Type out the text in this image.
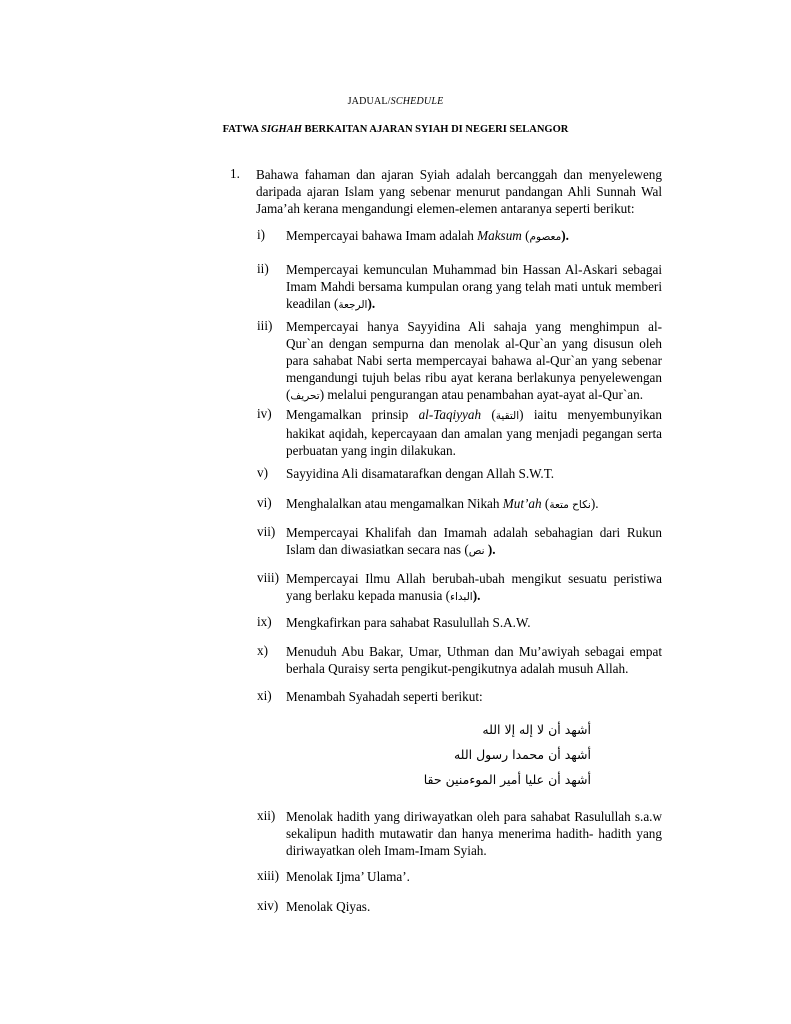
JADUAL/SCHEDULE
FATWA SIGHAH BERKAITAN AJARAN SYIAH DI NEGERI SELANGOR
1. Bahawa fahaman dan ajaran Syiah adalah bercanggah dan menyeleweng daripada ajaran Islam yang sebenar menurut pandangan Ahli Sunnah Wal Jama’ah kerana mengandungi elemen-elemen antaranya seperti berikut:
i) Mempercayai bahawa Imam adalah Maksum (معصوم).
ii) Mempercayai kemunculan Muhammad bin Hassan Al-Askari sebagai Imam Mahdi bersama kumpulan orang yang telah mati untuk memberi keadilan (الرجعة).
iii) Mempercayai hanya Sayyidina Ali sahaja yang menghimpun al- Qur`an dengan sempurna dan menolak al-Qur`an yang disusun oleh para sahabat Nabi serta mempercayai bahawa al-Qur`an yang sebenar mengandungi tujuh belas ribu ayat kerana berlakunya penyelewengan (تحريف) melalui pengurangan atau penambahan ayat-ayat al-Qur`an.
iv) Mengamalkan prinsip al-Taqiyyah (التقية) iaitu menyembunyikan hakikat aqidah, kepercayaan dan amalan yang menjadi pegangan serta perbuatan yang ingin dilakukan.
v) Sayyidina Ali disamatarafkan dengan Allah S.W.T.
vi) Menghalalkan atau mengamalkan Nikah Mut’ah (نكاح متعة).
vii) Mempercayai Khalifah dan Imamah adalah sebahagian dari Rukun Islam dan diwasiatkan secara nas (نص ).
viii) Mempercayai Ilmu Allah berubah-ubah mengikut sesuatu peristiwa yang berlaku kepada manusia (البداء).
ix) Mengkafirkan para sahabat Rasulullah S.A.W.
x) Menuduh Abu Bakar, Umar, Uthman dan Mu’awiyah sebagai empat berhala Quraisy serta pengikut-pengikutnya adalah musuh Allah.
xi) Menambah Syahadah seperti berikut:
أشهد أن لا إله إلا الله
أشهد أن محمدا رسول الله
أشهد أن عليا أمير الموءمنين حقا
xii) Menolak hadith yang diriwayatkan oleh para sahabat Rasulullah s.a.w sekalipun hadith mutawatir dan hanya menerima hadith- hadith yang diriwayatkan oleh Imam-Imam Syiah.
xiii) Menolak Ijma’ Ulama’.
xiv) Menolak Qiyas.
